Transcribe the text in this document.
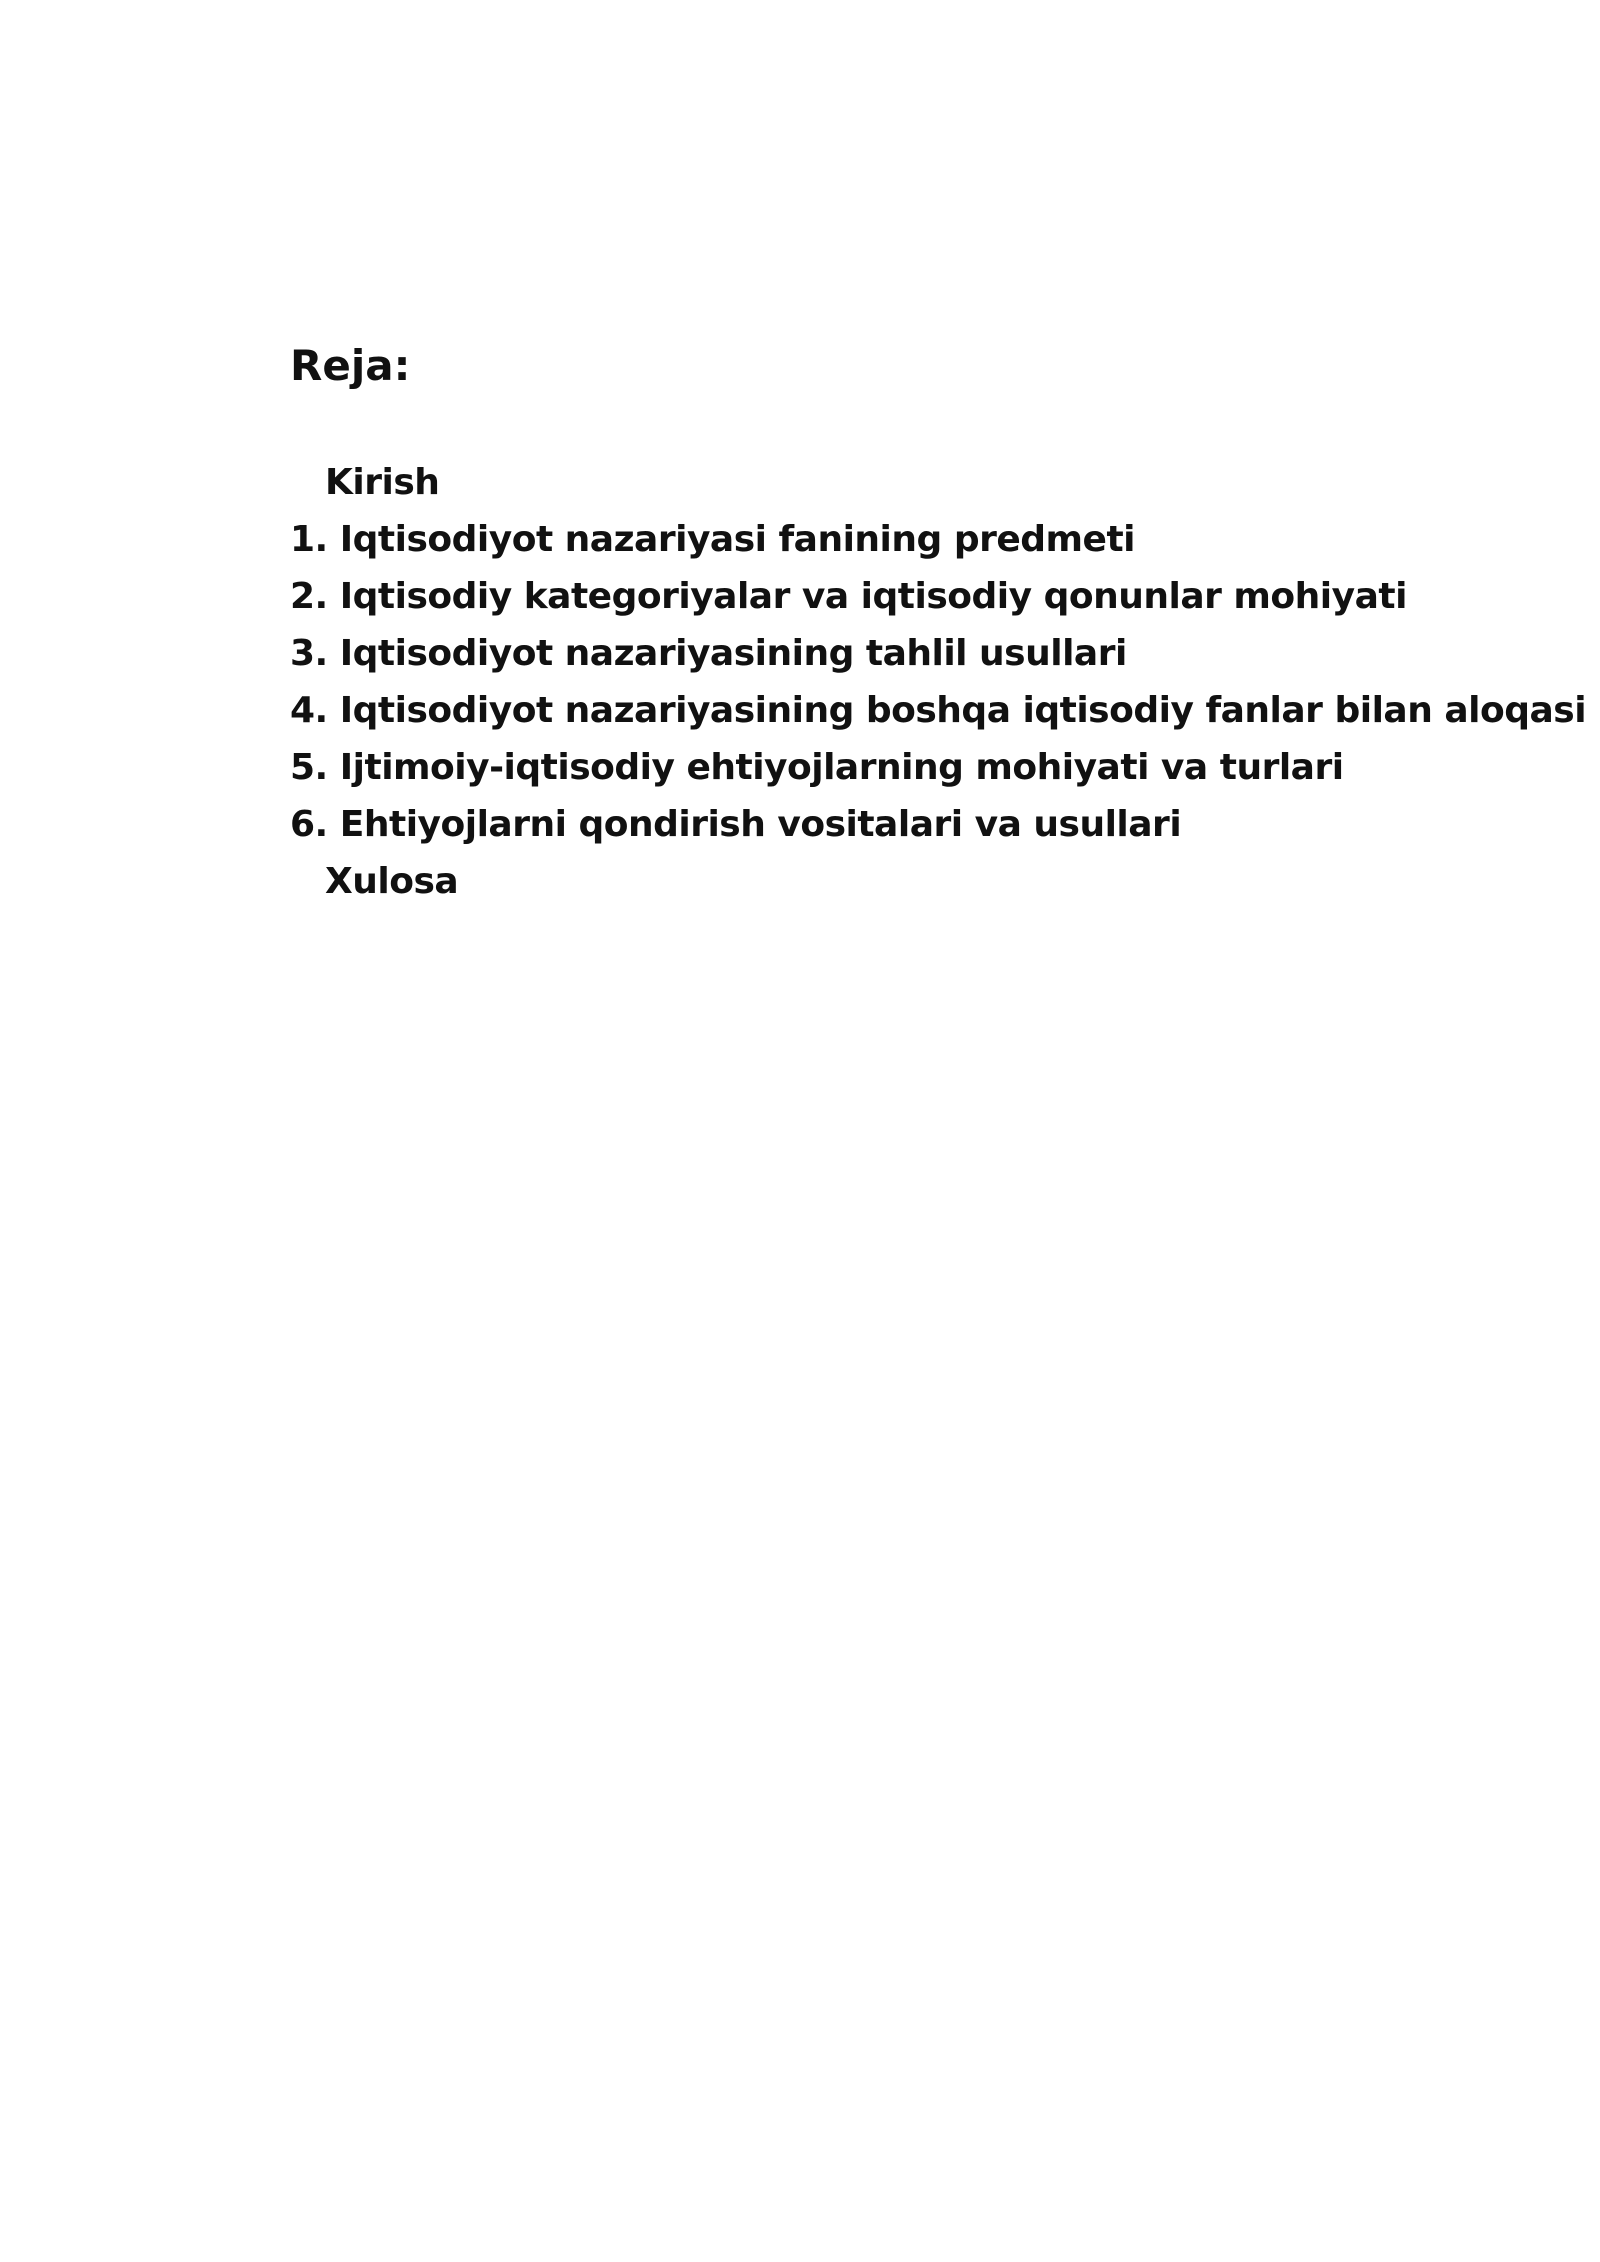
Reja:
Kirish
1. Iqtisodiyot nazariyasi fanining predmeti
2. Iqtisodiy kategoriyalar va iqtisodiy qonunlar mohiyati
3. Iqtisodiyot nazariyasining tahlil usullari
4. Iqtisodiyot nazariyasining boshqa iqtisodiy fanlar bilan aloqasi
5. Ijtimoiy-iqtisodiy ehtiyojlarning mohiyati va turlari
6. Ehtiyojlarni qondirish vositalari va usullari
Xulosa
